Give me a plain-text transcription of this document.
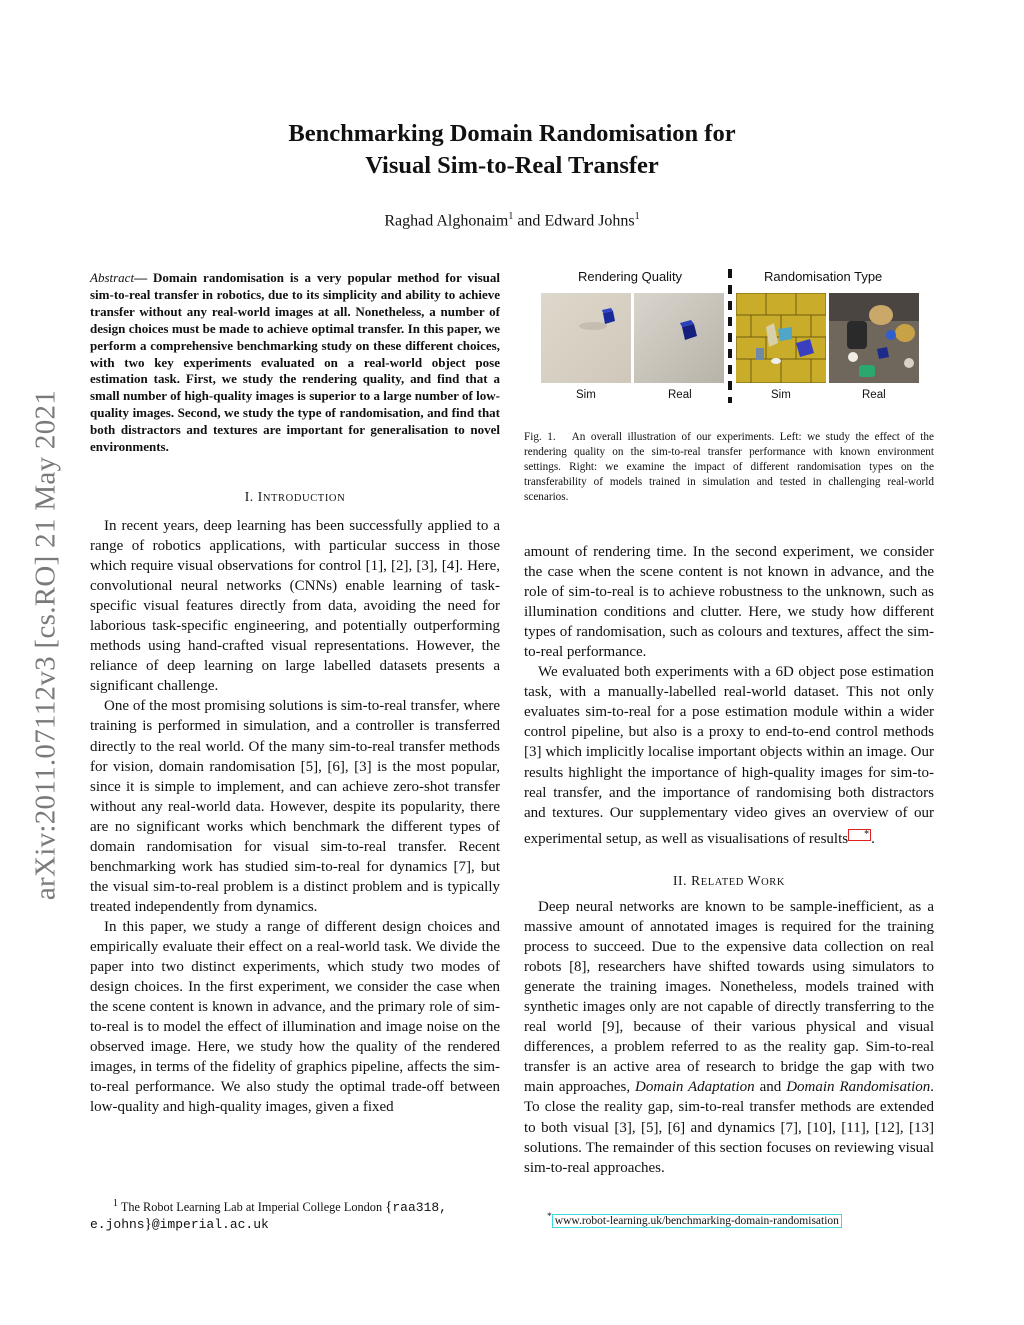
arXiv:2011.07112v3 [cs.RO] 21 May 2021
Benchmarking Domain Randomisation for
Visual Sim-to-Real Transfer
Raghad Alghonaim$^1$ and Edward Johns$^1$
Abstract— Domain randomisation is a very popular method for visual sim-to-real transfer in robotics, due to its simplicity and ability to achieve transfer without any real-world images at all. Nonetheless, a number of design choices must be made to achieve optimal transfer. In this paper, we perform a comprehensive benchmarking study on these different choices, with two key experiments evaluated on a real-world object pose estimation task. First, we study the rendering quality, and find that a small number of high-quality images is superior to a large number of low-quality images. Second, we study the type of randomisation, and find that both distractors and textures are important for generalisation to novel environments.
I. INTRODUCTION

In recent years, deep learning has been successfully applied to a range of robotics applications, with particular success in those which require visual observations for control [1], [2], [3], [4]. Here, convolutional neural networks (CNNs) enable learning of task-specific visual features directly from data, avoiding the need for laborious task-specific engineering, and potentially outperforming methods using hand-crafted visual representations. However, the reliance of deep learning on large labelled datasets presents a significant challenge.

One of the most promising solutions is sim-to-real transfer, where training is performed in simulation, and a controller is transferred directly to the real world. Of the many sim-to-real transfer methods for vision, domain randomisation [5], [6], [3] is the most popular, since it is simple to implement, and can achieve zero-shot transfer without any real-world data. However, despite its popularity, there are no significant works which benchmark the different types of domain randomisation for visual sim-to-real transfer. Recent benchmarking work has studied sim-to-real for dynamics [7], but the visual sim-to-real problem is a distinct problem and is typically treated independently from dynamics.

In this paper, we study a range of different design choices and empirically evaluate their effect on a real-world task. We divide the paper into two distinct experiments, which study two modes of design choices. In the first experiment, we consider the case when the scene content is known in advance, and the primary role of sim-to-real is to model the effect of illumination and image noise on the observed image. Here, we study how the quality of the rendered images, in terms of the fidelity of graphics pipeline, affects the sim-to-real performance. We also study the optimal trade-off between low-quality and high-quality images, given a fixed

$^1$ The Robot Learning Lab at Imperial College London {raa318,
e.johns}@imperial.ac.uk
Rendering Quality	Randomisation Type
Sim	Real	Sim	Real
Fig. 1. An overall illustration of our experiments. Left: we study the effect of the rendering quality on the sim-to-real transfer performance with known environment settings. Right: we examine the impact of different randomisation types on the transferability of models trained in simulation and tested in challenging real-world scenarios.

amount of rendering time. In the second experiment, we consider the case when the scene content is not known in advance, and the role of sim-to-real is to achieve robustness to the unknown, such as illumination conditions and clutter. Here, we study how different types of randomisation, such as colours and textures, affect the sim-to-real performance.

We evaluated both experiments with a 6D object pose estimation task, with a manually-labelled real-world dataset. This not only evaluates sim-to-real for a pose estimation module within a wider control pipeline, but also is a proxy to end-to-end control methods [3] which implicitly localise important objects within an image. Our results highlight the importance of high-quality images for sim-to-real transfer, and the importance of randomising both distractors and textures. Our supplementary video gives an overview of our experimental setup, as well as visualisations of results * .

II. RELATED WORK

Deep neural networks are known to be sample-inefficient, as a massive amount of annotated images is required for the training process to succeed. Due to the expensive data collection on real robots [8], researchers have shifted towards using simulators to generate the training images. Nonetheless, models trained with synthetic images only are not capable of directly transferring to the real world [9], because of their various physical and visual differences, a problem referred to as the reality gap. Sim-to-real transfer is an active area of research to bridge the gap with two main approaches, Domain Adaptation and Domain Randomisation. To close the reality gap, sim-to-real transfer methods are extended to both visual [3], [5], [6] and dynamics [7], [10], [11], [12], [13] solutions. The remainder of this section focuses on reviewing visual sim-to-real approaches.

* www.robot-learning.uk/benchmarking-domain-randomisation
